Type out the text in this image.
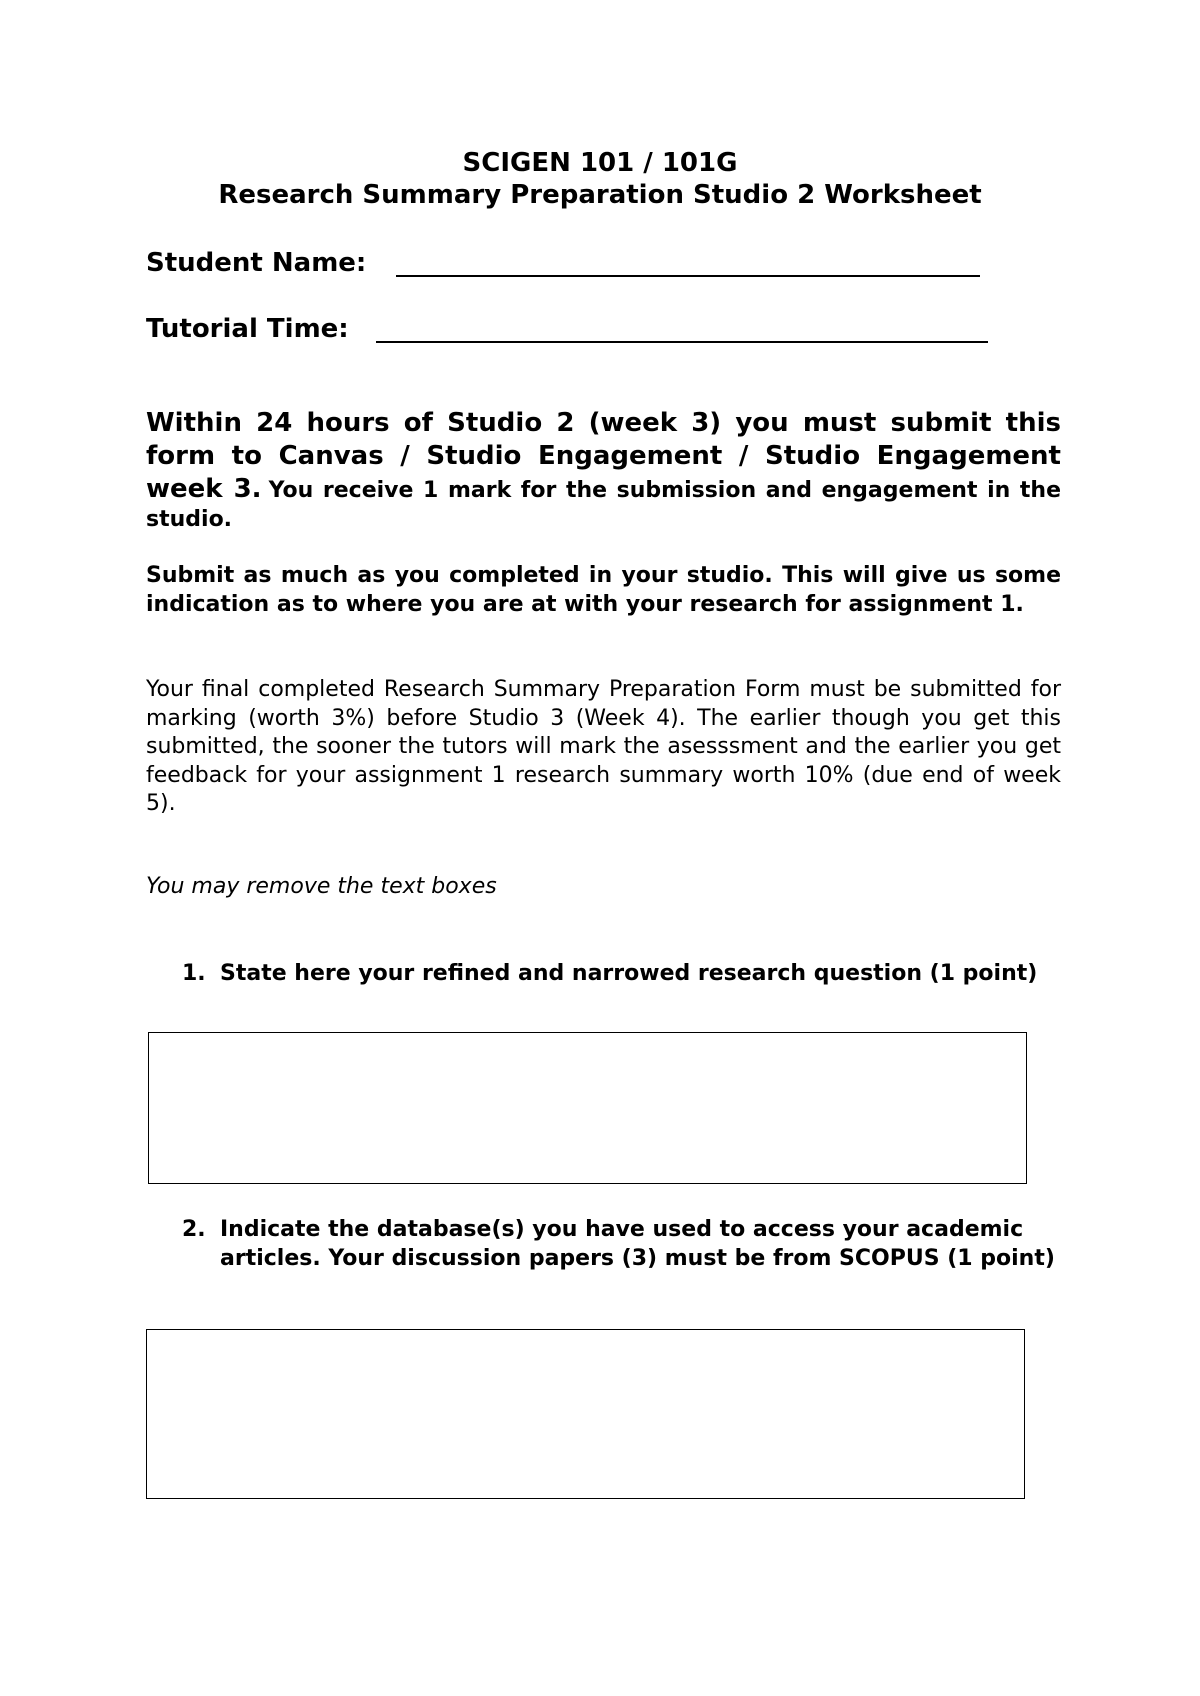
SCIGEN 101 / 101G
Research Summary Preparation Studio 2 Worksheet
Student Name:
Tutorial Time:
Within 24 hours of Studio 2 (week 3) you must submit this form to Canvas / Studio Engagement / Studio Engagement week 3. You receive 1 mark for the submission and engagement in the studio.
Submit as much as you completed in your studio. This will give us some indication as to where you are at with your research for assignment 1.
Your final completed Research Summary Preparation Form must be submitted for marking (worth 3%) before Studio 3 (Week 4). The earlier though you get this submitted, the sooner the tutors will mark the asesssment and the earlier you get feedback for your assignment 1 research summary worth 10% (due end of week 5).
You may remove the text boxes
1. State here your refined and narrowed research question (1 point)
2. Indicate the database(s) you have used to access your academic articles. Your discussion papers (3) must be from SCOPUS (1 point)
